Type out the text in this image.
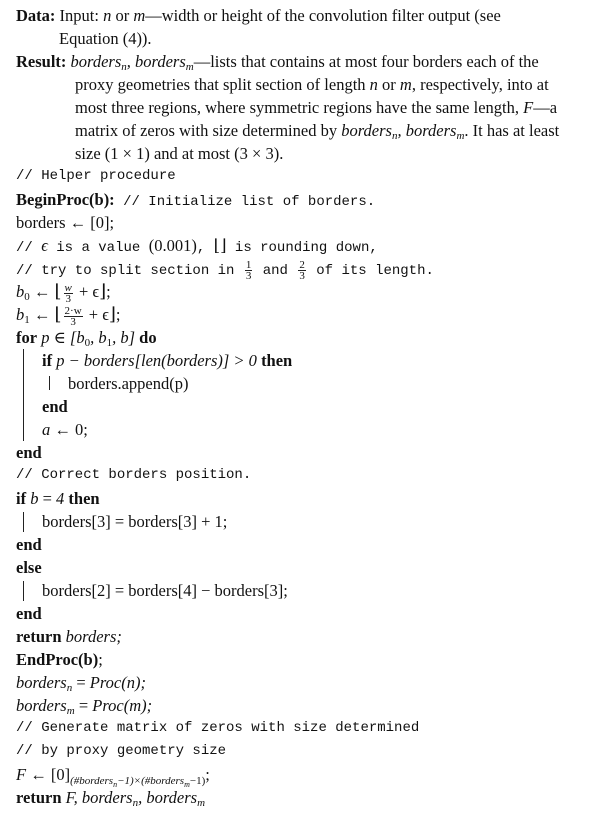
Data: Input: n or m—width or height of the convolution filter output (see
Equation (4)).
Result: borders$_n$, borders$_m$—lists that contains at most four borders each of the
proxy geometries that split section of length n or m, respectively, into at
most three regions, where symmetric regions have the same length, F—a
matrix of zeros with size determined by borders$_n$, borders$_m$. It has at least
size (1 × 1) and at most (3 × 3).
// Helper procedure
BeginProc(b): // Initialize list of borders.
borders ← [0];
// ϵ is a value (0.001), ⌊⌋ is rounding down,
// try to split section in $\frac{1}{3}$ and $\frac{2}{3}$ of its length.
$b_0$ ← ⌊ $\frac{w}{3}$ + ϵ⌋;
$b_1$ ← ⌊ $\frac{2\cdot w}{3}$ + ϵ⌋;
for p ∈ [$b_0$, $b_1$, b] do
if p − borders[len(borders)] > 0 then
borders.append(p)
end
a ← 0;
end
// Correct borders position.
if b = 4 then
borders[3] = borders[3] + 1;
end
else
borders[2] = borders[4] − borders[3];
end
return borders;
EndProc(b);
borders$_n$ = Proc(n);
borders$_m$ = Proc(m);
// Generate matrix of zeros with size determined
// by proxy geometry size
F ← $[0]_{(\#borders_n-1)\times(\#borders_m-1)}$;
return F, borders$_n$, borders$_m$
